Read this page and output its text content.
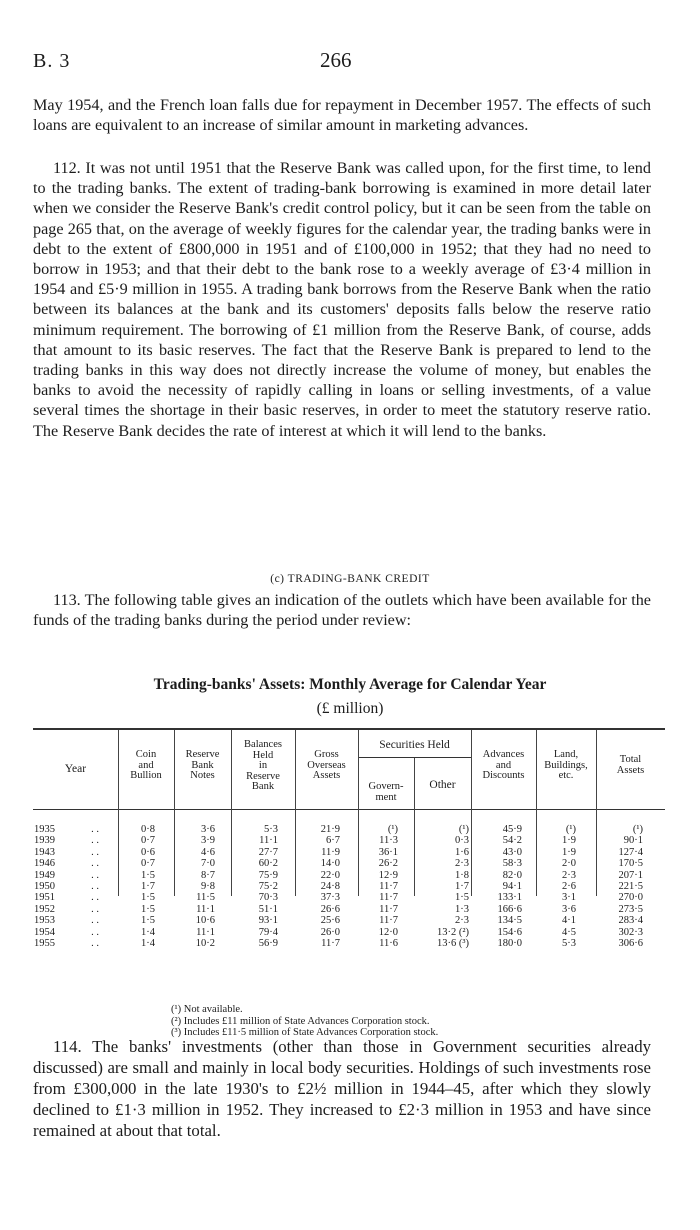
B. 3	266

May 1954, and the French loan falls due for repayment in December 1957. The effects of such loans are equivalent to an increase of similar amount in marketing advances.

112. It was not until 1951 that the Reserve Bank was called upon, for the first time, to lend to the trading banks. The extent of trading-bank borrowing is examined in more detail later when we consider the Reserve Bank's credit control policy, but it can be seen from the table on page 265 that, on the average of weekly figures for the calendar year, the trading banks were in debt to the extent of £800,000 in 1951 and of £100,000 in 1952; that they had no need to borrow in 1953; and that their debt to the bank rose to a weekly average of £3·4 million in 1954 and £5·9 million in 1955. A trading bank borrows from the Reserve Bank when the ratio between its balances at the bank and its customers' deposits falls below the reserve ratio minimum requirement. The borrowing of £1 million from the Reserve Bank, of course, adds that amount to its basic reserves. The fact that the Reserve Bank is prepared to lend to the trading banks in this way does not directly increase the volume of money, but enables the banks to avoid the necessity of rapidly calling in loans or selling investments, of a value several times the shortage in their basic reserves, in order to meet the statutory reserve ratio. The Reserve Bank decides the rate of interest at which it will lend to the banks.

(c) TRADING-BANK CREDIT

113. The following table gives an indication of the outlets which have been available for the funds of the trading banks during the period under review:

Trading-banks' Assets: Monthly Average for Calendar Year
(£ million)
Year
Coin
and
Bullion
Reserve
Bank
Notes
Balances
Held
in
Reserve
Bank
Gross
Overseas
Assets
Securities Held
Govern-
ment
Other
Advances
and
Discounts
Land,
Buildings,
etc.
Total
Assets
1935
1939
1943
1946
1949
1950
1951
1952
1953
1954
1955
. .
. .
. .
. .
. .
. .
. .
. .
. .
. .
. .
0·8
0·7
0·6
0·7
1·5
1·7
1·5
1·5
1·5
1·4
1·4
3·6
3·9
4·6
7·0
8·7
9·8
11·5
11·1
10·6
11·1
10·2
5·3
11·1
27·7
60·2
75·9
75·2
70·3
51·1
93·1
79·4
56·9
21·9
6·7
11·9
14·0
22·0
24·8
37·3
26·6
25·6
26·0
11·7
(¹)
11·3
36·1
26·2
12·9
11·7
11·7
11·7
11·7
12·0
11·6
(¹)
0·3
1·6
2·3
1·8
1·7
1·5
1·3
2·3
13·2 (²)
13·6 (³)
45·9
54·2
43·0
58·3
82·0
94·1
133·1
166·6
134·5
154·6
180·0
(¹)
1·9
1·9
2·0
2·3
2·6
3·1
3·6
4·1
4·5
5·3
(¹)
90·1
127·4
170·5
207·1
221·5
270·0
273·5
283·4
302·3
306·6
(¹) Not available.
(²) Includes £11 million of State Advances Corporation stock.
(³) Includes £11·5 million of State Advances Corporation stock.

114. The banks' investments (other than those in Government securities already discussed) are small and mainly in local body securities. Holdings of such investments rose from £300,000 in the late 1930's to £2½ million in 1944–45, after which they slowly declined to £1·3 million in 1952. They increased to £2·3 million in 1953 and have since remained at about that total.
